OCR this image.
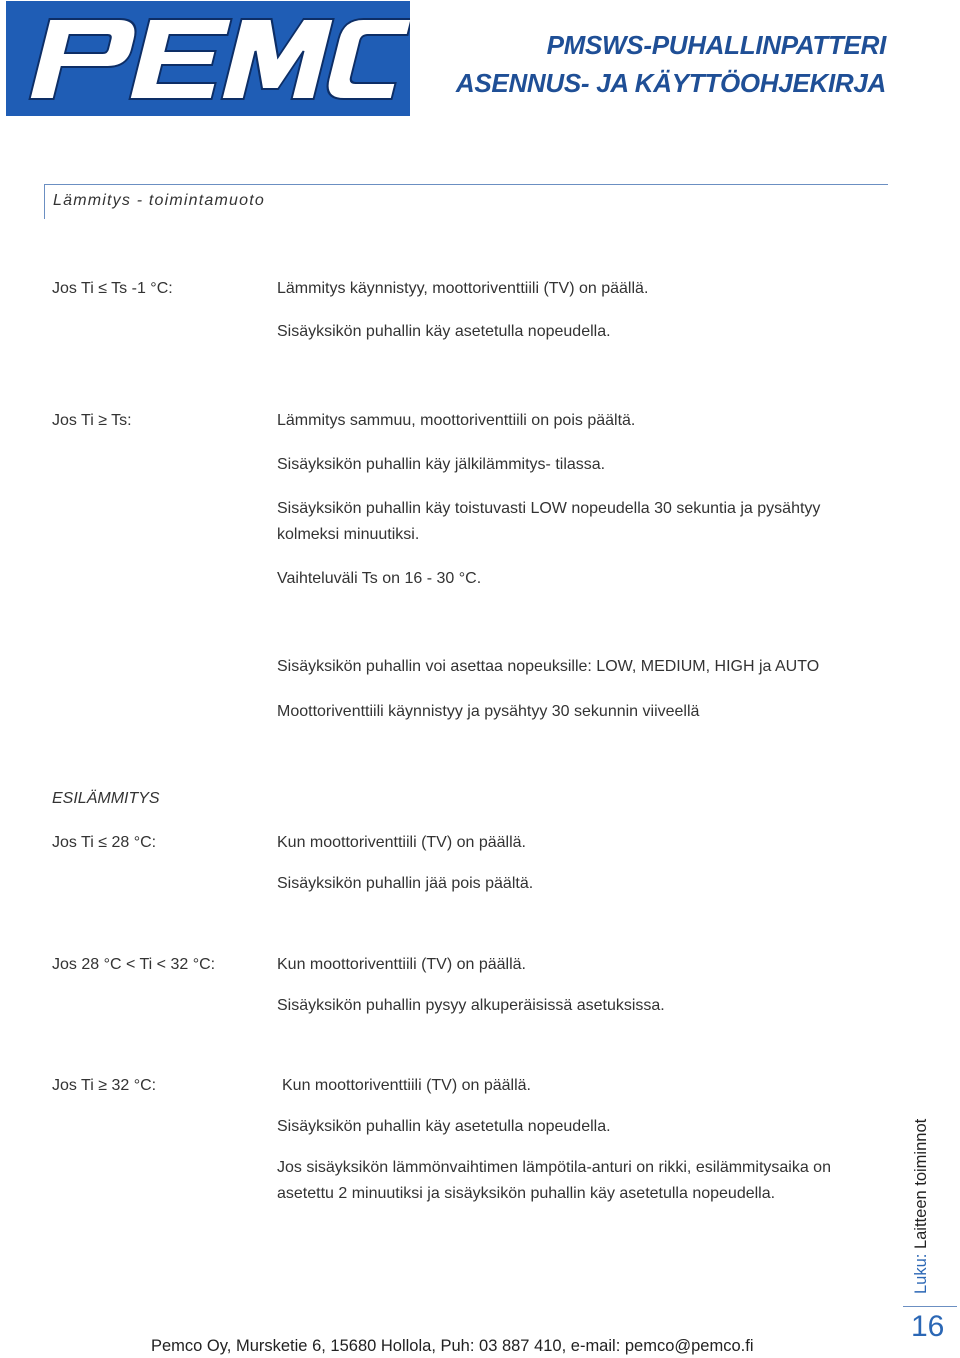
PMSWS-PUHALLINPATTERI
ASENNUS- JA KÄYTTÖOHJEKIRJA
Lämmitys - toimintamuoto
Jos Ti ≤ Ts -1 °C:	Lämmitys käynnistyy, moottoriventtiili (TV) on päällä.
Sisäyksikön puhallin käy asetetulla nopeudella.
Jos Ti ≥ Ts:	Lämmitys sammuu, moottoriventtiili on pois päältä.
Sisäyksikön puhallin käy jälkilämmitys- tilassa.
Sisäyksikön puhallin käy toistuvasti LOW nopeudella 30 sekuntia ja pysähtyy kolmeksi minuutiksi.
Vaihteluväli Ts on 16 - 30 °C.
Sisäyksikön puhallin voi asettaa nopeuksille: LOW, MEDIUM, HIGH ja AUTO
Moottoriventtiili käynnistyy ja pysähtyy 30 sekunnin viiveellä
ESILÄMMITYS
Jos Ti ≤ 28 °C:	Kun moottoriventtiili (TV) on päällä.
Sisäyksikön puhallin jää pois päältä.
Jos 28 °C < Ti < 32 °C:	Kun moottoriventtiili (TV) on päällä.
Sisäyksikön puhallin pysyy alkuperäisissä asetuksissa.
Jos Ti ≥ 32 °C:	Kun moottoriventtiili (TV) on päällä.
Sisäyksikön puhallin käy asetetulla nopeudella.
Jos sisäyksikön lämmönvaihtimen lämpötila-anturi on rikki, esilämmitysaika on asetettu 2 minuutiksi ja sisäyksikön puhallin käy asetetulla nopeudella.
Pemco Oy, Mursketie 6, 15680 Hollola, Puh: 03 887 410, e-mail: pemco@pemco.fi
Luku: Laitteen toiminnot
16
